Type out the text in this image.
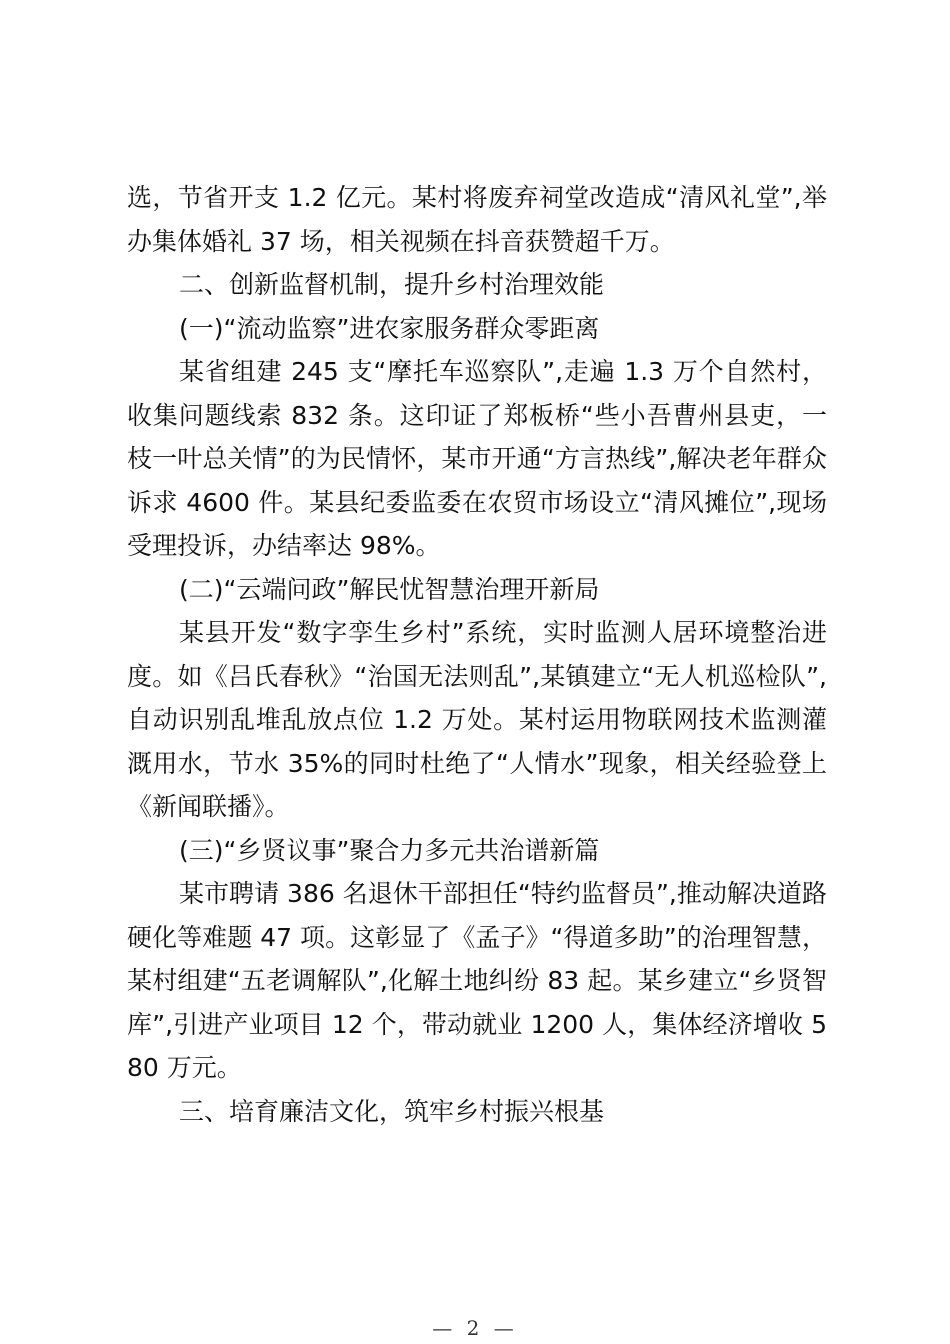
选，节省开支 1.2 亿元。某村将废弃祠堂改造成“清风礼堂”,举办集体婚礼 37 场，相关视频在抖音获赞超千万。

二、创新监督机制，提升乡村治理效能

(一)“流动监察”进农家服务群众零距离

某省组建 245 支“摩托车巡察队”,走遍 1.3 万个自然村，收集问题线索 832 条。这印证了郑板桥“些小吾曹州县吏，一枝一叶总关情”的为民情怀，某市开通“方言热线”,解决老年群众诉求 4600 件。某县纪委监委在农贸市场设立“清风摊位”,现场受理投诉，办结率达 98%。

(二)“云端问政”解民忧智慧治理开新局

某县开发“数字孪生乡村”系统，实时监测人居环境整治进度。如《吕氏春秋》“治国无法则乱”,某镇建立“无人机巡检队”,自动识别乱堆乱放点位 1.2 万处。某村运用物联网技术监测灌溉用水，节水 35%的同时杜绝了“人情水”现象，相关经验登上《新闻联播》。

(三)“乡贤议事”聚合力多元共治谱新篇

某市聘请 386 名退休干部担任“特约监督员”,推动解决道路硬化等难题 47 项。这彰显了《孟子》“得道多助”的治理智慧，某村组建“五老调解队”,化解土地纠纷 83 起。某乡建立“乡贤智库”,引进产业项目 12 个，带动就业 1200 人，集体经济增收 580 万元。

三、培育廉洁文化，筑牢乡村振兴根基

— 2 —
